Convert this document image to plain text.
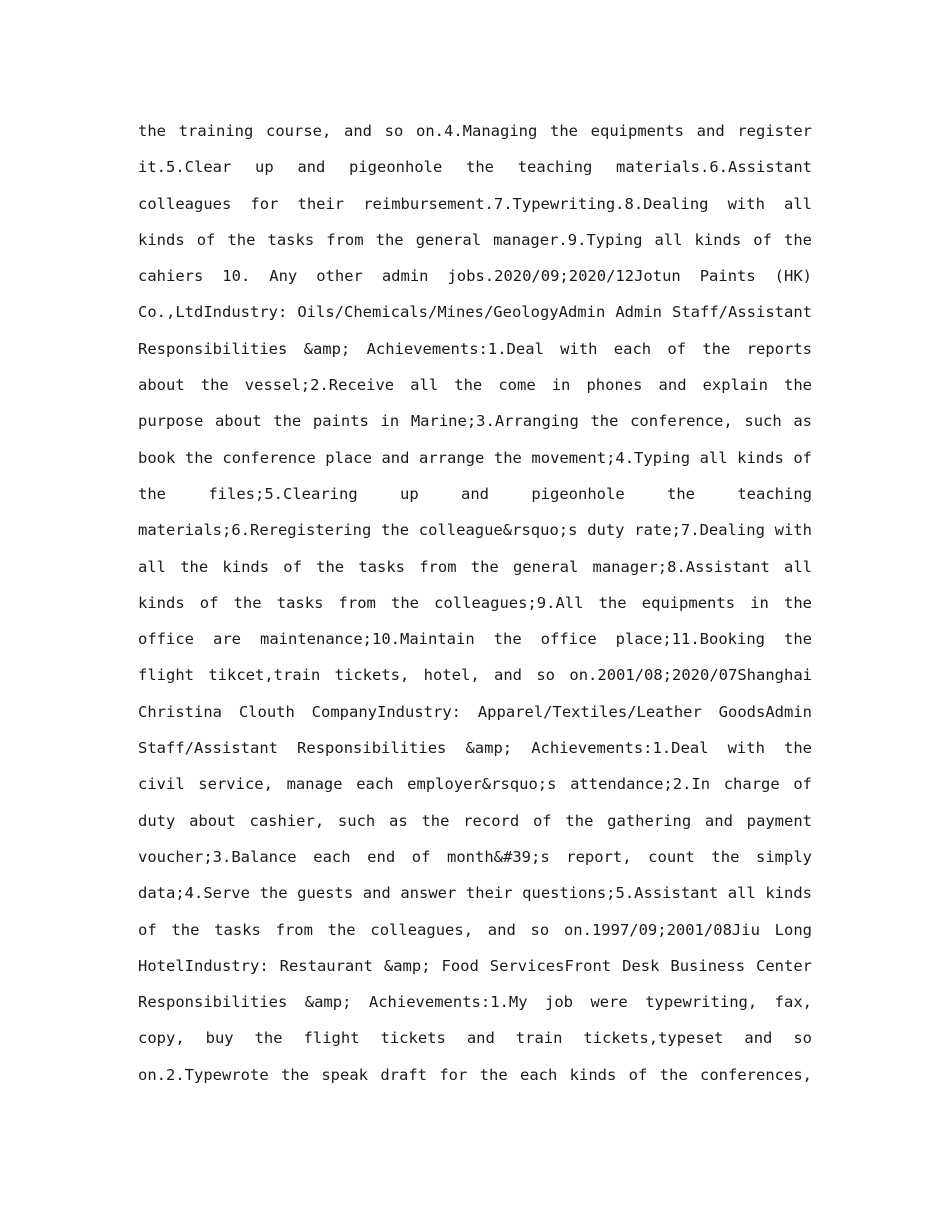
the training course, and so on.4.Managing the equipments and register
it.5.Clear up and pigeonhole the teaching materials.6.Assistant
colleagues for their reimbursement.7.Typewriting.8.Dealing with all
kinds of the tasks from the general manager.9.Typing all kinds of the
cahiers 10. Any other admin jobs.2020/09;2020/12Jotun Paints (HK)
Co.,LtdIndustry: Oils/Chemicals/Mines/GeologyAdmin Admin Staff/Assistant
Responsibilities &amp; Achievements:1.Deal with each of the reports
about the vessel;2.Receive all the come in phones and explain the
purpose about the paints in Marine;3.Arranging the conference, such as
book the conference place and arrange the movement;4.Typing all kinds of
the files;5.Clearing up and pigeonhole the teaching
materials;6.Reregistering the colleague&rsquo;s duty rate;7.Dealing with
all the kinds of the tasks from the general manager;8.Assistant all
kinds of the tasks from the colleagues;9.All the equipments in the
office are maintenance;10.Maintain the office place;11.Booking the
flight tikcet,train tickets, hotel, and so on.2001/08;2020/07Shanghai
Christina Clouth CompanyIndustry: Apparel/Textiles/Leather GoodsAdmin
Staff/Assistant Responsibilities &amp; Achievements:1.Deal with the
civil service, manage each employer&rsquo;s attendance;2.In charge of
duty about cashier, such as the record of the gathering and payment
voucher;3.Balance each end of month&#39;s report, count the simply
data;4.Serve the guests and answer their questions;5.Assistant all kinds
of the tasks from the colleagues, and so on.1997/09;2001/08Jiu Long
HotelIndustry: Restaurant &amp; Food ServicesFront Desk Business Center
Responsibilities &amp; Achievements:1.My job were typewriting, fax,
copy, buy the flight tickets and train tickets,typeset and so
on.2.Typewrote the speak draft for the each kinds of the conferences,
